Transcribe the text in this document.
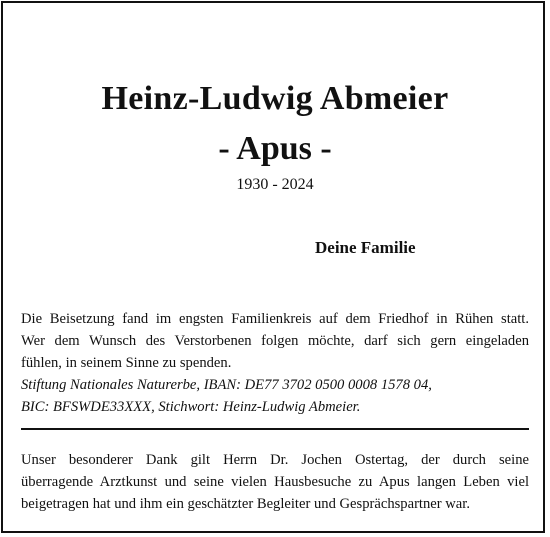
Heinz-Ludwig Abmeier
- Apus -
1930 - 2024
Deine Familie
Die Beisetzung fand im engsten Familienkreis auf dem Friedhof in Rühen statt.
Wer dem Wunsch des Verstorbenen folgen möchte, darf sich gern eingeladen
fühlen, in seinem Sinne zu spenden.
Stiftung Nationales Naturerbe, IBAN: DE77 3702 0500 0008 1578 04,
BIC: BFSWDE33XXX, Stichwort: Heinz-Ludwig Abmeier.
Unser besonderer Dank gilt Herrn Dr. Jochen Ostertag, der durch seine
überragende Arztkunst und seine vielen Hausbesuche zu Apus langen Leben viel
beigetragen hat und ihm ein geschätzter Begleiter und Gesprächspartner war.
